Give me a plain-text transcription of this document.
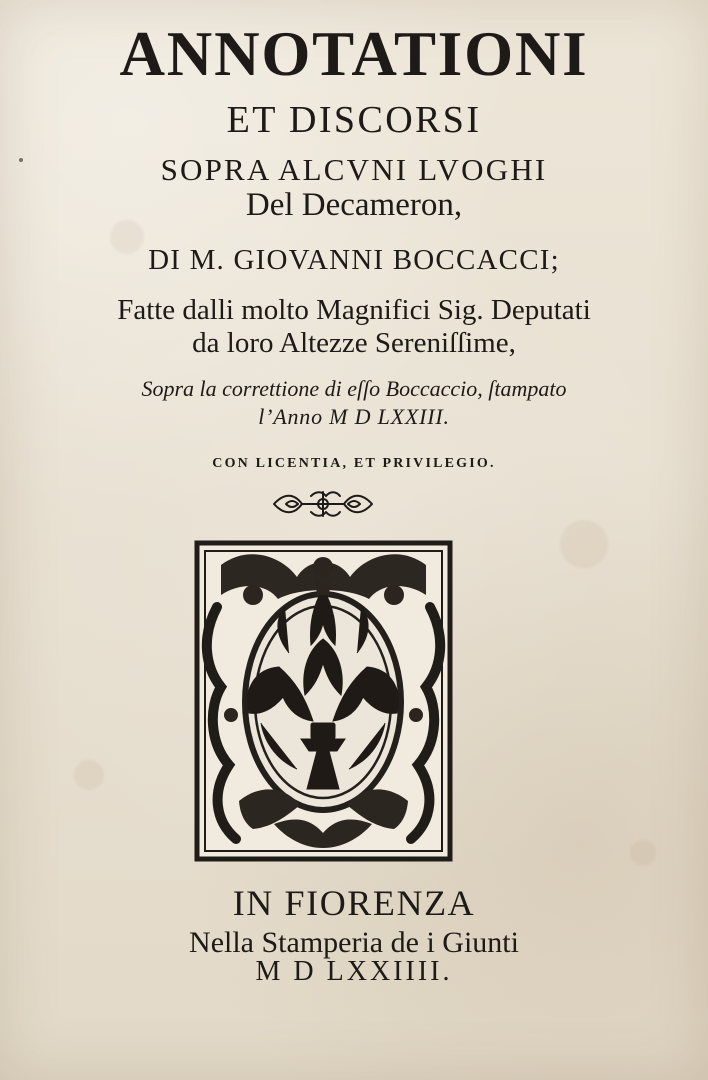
ANNOTATIONI
ET DISCORSI
SOPRA ALCVNI LVOGHI
Del Decameron,
DI M. GIOVANNI BOCCACCI;
Fatte dalli molto Magnifici Sig. Deputati
da loro Altezze Sereniſſime,
Sopra la correttione di eſſo Boccaccio, ſtampato
l’Anno M D LXXIII.
CON LICENTIA, ET PRIVILEGIO.
IN FIORENZA
Nella Stamperia de i Giunti
M D LXXIIII.
